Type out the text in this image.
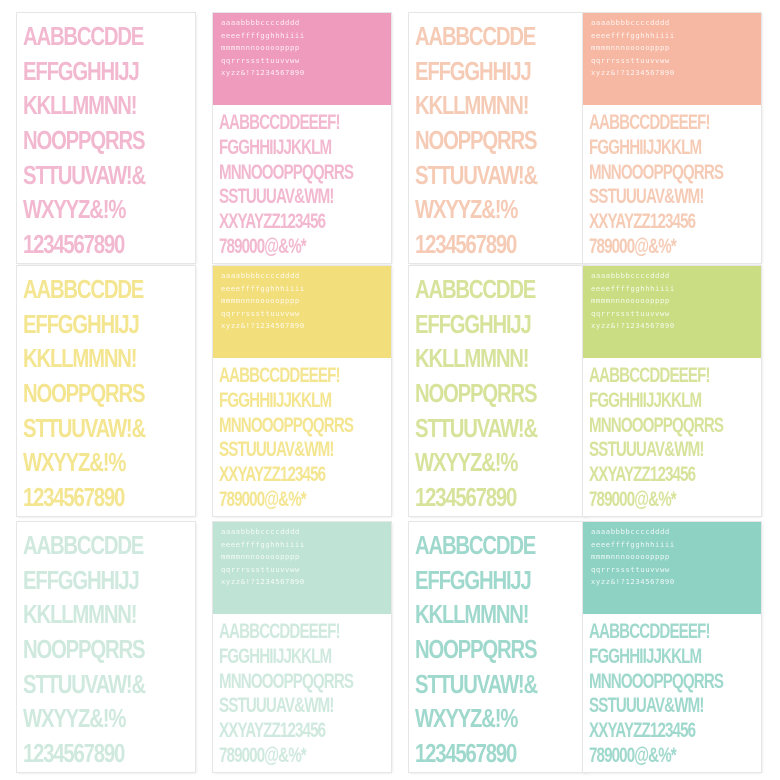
AABBCCDDE
EFFGGHHIJJ
KKLLMMNN!
NOOPPQRRS
STTUUVAW!&
WXYYZ&!%
1234567890
aaaabbbbccccdddd
eeeeffffgghhhiiii
mmmmnnnooooopppp
qqrrrsssttuuvvww
xyzz&!?1234567890
AABBCCDDEEEF!
FGGHHIIJJKKLM
MNNOOOPPQQRRS
SSTUUUAV&WM!
XXYAYZZ123456
789000@&%*
AABBCCDDE
EFFGGHHIJJ
KKLLMMNN!
NOOPPQRRS
STTUUVAW!&
WXYYZ&!%
1234567890
aaaabbbbccccdddd
eeeeffffgghhhiiii
mmmmnnnooooopppp
qqrrrsssttuuvvww
xyzz&!?1234567890
AABBCCDDEEEF!
FGGHHIIJJKKLM
MNNOOOPPQQRRS
SSTUUUAV&WM!
XXYAYZZ123456
789000@&%*
AABBCCDDE
EFFGGHHIJJ
KKLLMMNN!
NOOPPQRRS
STTUUVAW!&
WXYYZ&!%
1234567890
aaaabbbbccccdddd
eeeeffffgghhhiiii
mmmmnnnooooopppp
qqrrrsssttuuvvww
xyzz&!?1234567890
AABBCCDDEEEF!
FGGHHIIJJKKLM
MNNOOOPPQQRRS
SSTUUUAV&WM!
XXYAYZZ123456
789000@&%*
AABBCCDDE
EFFGGHHIJJ
KKLLMMNN!
NOOPPQRRS
STTUUVAW!&
WXYYZ&!%
1234567890
aaaabbbbccccdddd
eeeeffffgghhhiiii
mmmmnnnooooopppp
qqrrrsssttuuvvww
xyzz&!?1234567890
AABBCCDDEEEF!
FGGHHIIJJKKLM
MNNOOOPPQQRRS
SSTUUUAV&WM!
XXYAYZZ123456
789000@&%*
AABBCCDDE
EFFGGHHIJJ
KKLLMMNN!
NOOPPQRRS
STTUUVAW!&
WXYYZ&!%
1234567890
aaaabbbbccccdddd
eeeeffffgghhhiiii
mmmmnnnooooopppp
qqrrrsssttuuvvww
xyzz&!?1234567890
AABBCCDDEEEF!
FGGHHIIJJKKLM
MNNOOOPPQQRRS
SSTUUUAV&WM!
XXYAYZZ123456
789000@&%*
AABBCCDDE
EFFGGHHIJJ
KKLLMMNN!
NOOPPQRRS
STTUUVAW!&
WXYYZ&!%
1234567890
aaaabbbbccccdddd
eeeeffffgghhhiiii
mmmmnnnooooopppp
qqrrrsssttuuvvww
xyzz&!?1234567890
AABBCCDDEEEF!
FGGHHIIJJKKLM
MNNOOOPPQQRRS
SSTUUUAV&WM!
XXYAYZZ123456
789000@&%*
